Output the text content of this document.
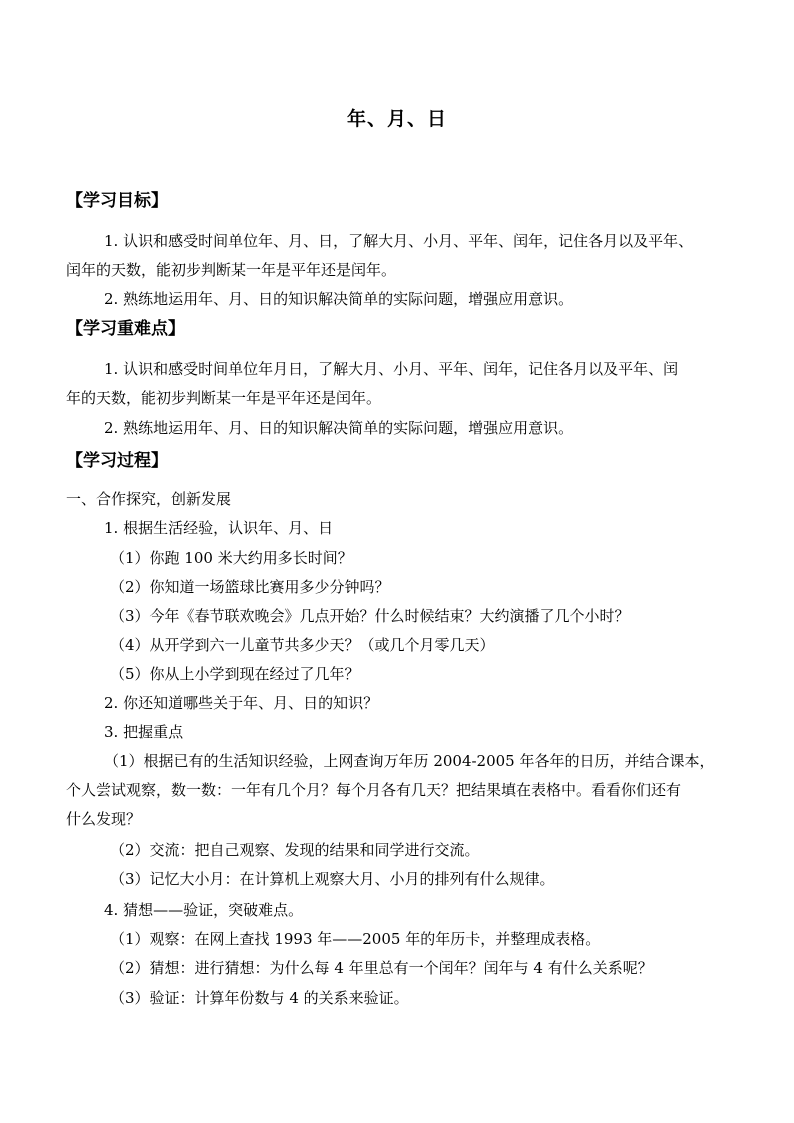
年、月、日
【学习目标】
1. 认识和感受时间单位年、月、日，了解大月、小月、平年、闰年，记住各月以及平年、
闰年的天数，能初步判断某一年是平年还是闰年。
2. 熟练地运用年、月、日的知识解决简单的实际问题，增强应用意识。
【学习重难点】
1. 认识和感受时间单位年月日，了解大月、小月、平年、闰年，记住各月以及平年、闰
年的天数，能初步判断某一年是平年还是闰年。
2. 熟练地运用年、月、日的知识解决简单的实际问题，增强应用意识。
【学习过程】
一、合作探究，创新发展
1. 根据生活经验，认识年、月、日
（1）你跑 100 米大约用多长时间？
（2）你知道一场篮球比赛用多少分钟吗？
（3）今年《春节联欢晚会》几点开始？什么时候结束？大约演播了几个小时？
（4）从开学到六一儿童节共多少天？（或几个月零几天）
（5）你从上小学到现在经过了几年？
2. 你还知道哪些关于年、月、日的知识？
3. 把握重点
（1）根据已有的生活知识经验，上网查询万年历 2004-2005 年各年的日历，并结合课本，
个人尝试观察，数一数：一年有几个月？每个月各有几天？把结果填在表格中。看看你们还有
什么发现？
（2）交流：把自己观察、发现的结果和同学进行交流。
（3）记忆大小月：在计算机上观察大月、小月的排列有什么规律。
4. 猜想——验证，突破难点。
（1）观察：在网上查找 1993 年——2005 年的年历卡，并整理成表格。
（2）猜想：进行猜想：为什么每 4 年里总有一个闰年？闰年与 4 有什么关系呢？
（3）验证：计算年份数与 4 的关系来验证。
